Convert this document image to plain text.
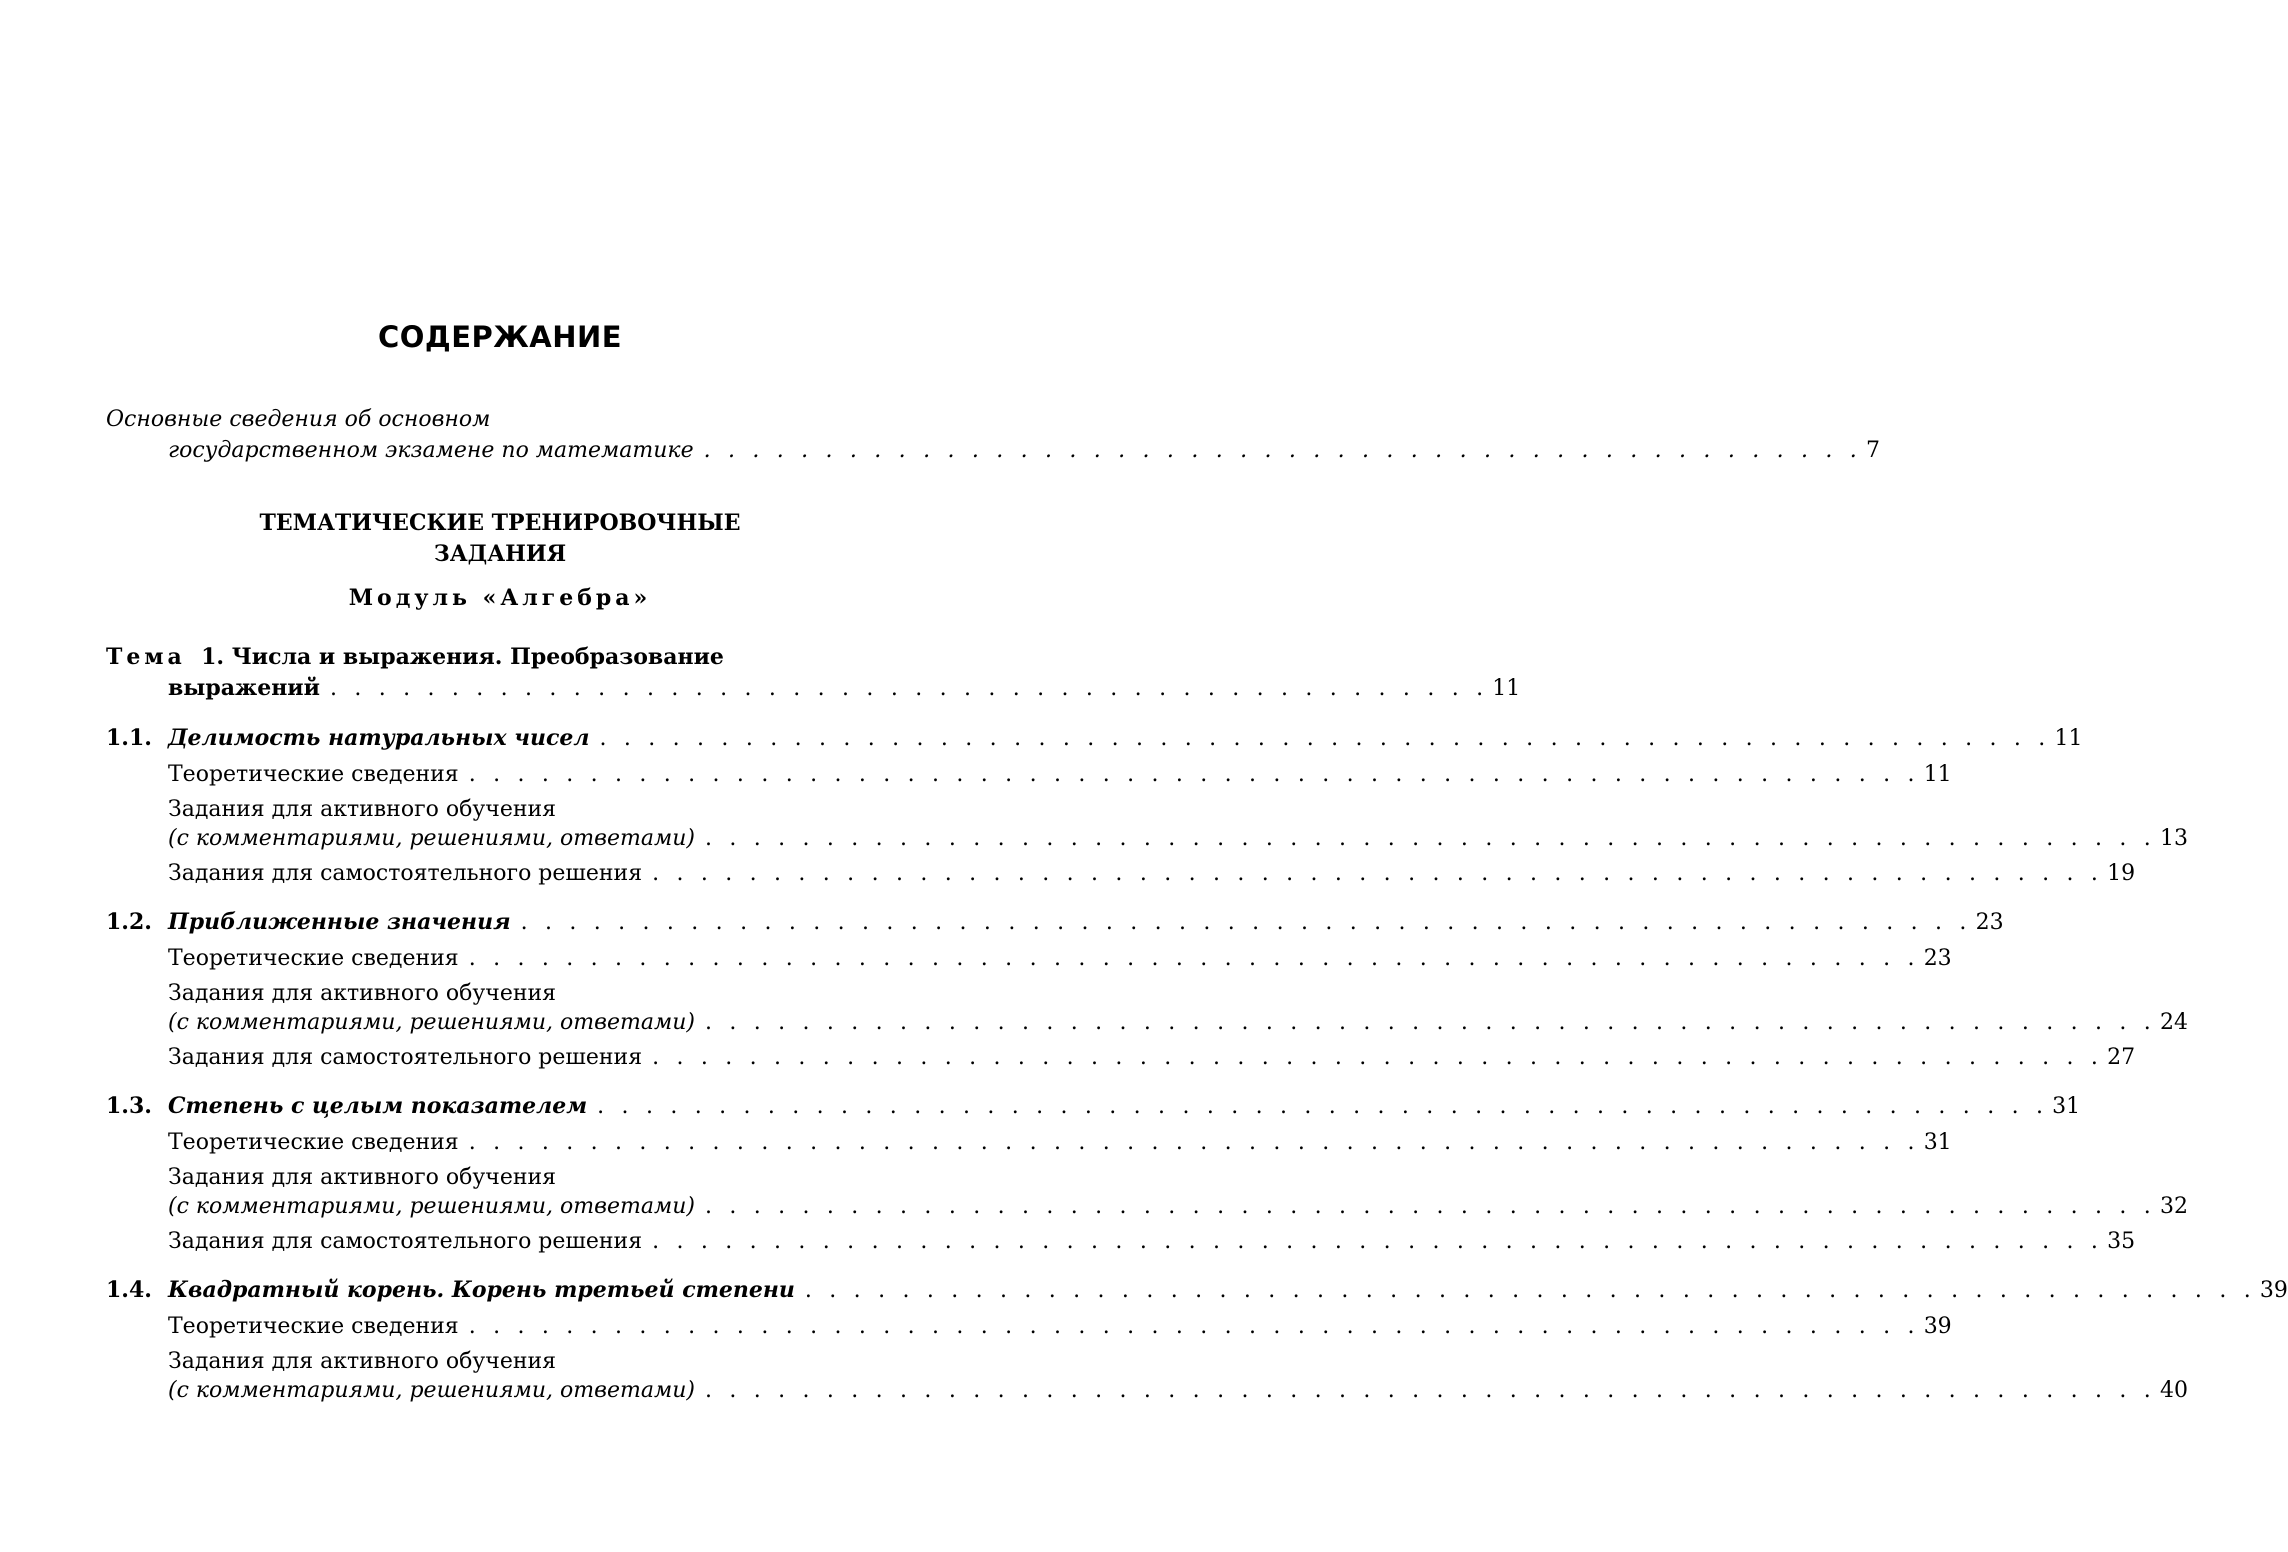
СОДЕРЖАНИЕ
Основные сведения об основном
государственном экзамене по математике . . . . . . . . . . . . . . . . . . . . . . . . . . . . . . . . . . . . . . . . . . . . . . . . 7
ТЕМАТИЧЕСКИЕ ТРЕНИРОВОЧНЫЕ
ЗАДАНИЯ
Модуль «Алгебра»
Тема 1. Числа и выражения. Преобразование
выражений . . . . . . . . . . . . . . . . . . . . . . . . . . . . . . . . . . . . . . . . . . . . . . . . 11
1.1. Делимость натуральных чисел . . . . . . . . . . . . . . . . . . . . . . . . . . . . . . . . . . . . . . . . . . . . . . . . . . . . . . . . . . . . 11
Теоретические сведения . . . . . . . . . . . . . . . . . . . . . . . . . . . . . . . . . . . . . . . . . . . . . . . . . . . . . . . . . . . . 11
Задания для активного обучения
(с комментариями, решениями, ответами) . . . . . . . . . . . . . . . . . . . . . . . . . . . . . . . . . . . . . . . . . . . . . . . . . . . . . . . . . . . . 13
Задания для самостоятельного решения . . . . . . . . . . . . . . . . . . . . . . . . . . . . . . . . . . . . . . . . . . . . . . . . . . . . . . . . . . . . 19
1.2. Приближенные значения . . . . . . . . . . . . . . . . . . . . . . . . . . . . . . . . . . . . . . . . . . . . . . . . . . . . . . . . . . . . 23
Теоретические сведения . . . . . . . . . . . . . . . . . . . . . . . . . . . . . . . . . . . . . . . . . . . . . . . . . . . . . . . . . . . . 23
Задания для активного обучения
(с комментариями, решениями, ответами) . . . . . . . . . . . . . . . . . . . . . . . . . . . . . . . . . . . . . . . . . . . . . . . . . . . . . . . . . . . . 24
Задания для самостоятельного решения . . . . . . . . . . . . . . . . . . . . . . . . . . . . . . . . . . . . . . . . . . . . . . . . . . . . . . . . . . . . 27
1.3. Степень с целым показателем . . . . . . . . . . . . . . . . . . . . . . . . . . . . . . . . . . . . . . . . . . . . . . . . . . . . . . . . . . . . 31
Теоретические сведения . . . . . . . . . . . . . . . . . . . . . . . . . . . . . . . . . . . . . . . . . . . . . . . . . . . . . . . . . . . . 31
Задания для активного обучения
(с комментариями, решениями, ответами) . . . . . . . . . . . . . . . . . . . . . . . . . . . . . . . . . . . . . . . . . . . . . . . . . . . . . . . . . . . . 32
Задания для самостоятельного решения . . . . . . . . . . . . . . . . . . . . . . . . . . . . . . . . . . . . . . . . . . . . . . . . . . . . . . . . . . . . 35
1.4. Квадратный корень. Корень третьей степени . . . . . . . . . . . . . . . . . . . . . . . . . . . . . . . . . . . . . . . . . . . . . . . . . . . . . . . . . . . . 39
Теоретические сведения . . . . . . . . . . . . . . . . . . . . . . . . . . . . . . . . . . . . . . . . . . . . . . . . . . . . . . . . . . . . 39
Задания для активного обучения
(с комментариями, решениями, ответами) . . . . . . . . . . . . . . . . . . . . . . . . . . . . . . . . . . . . . . . . . . . . . . . . . . . . . . . . . . . . 40
